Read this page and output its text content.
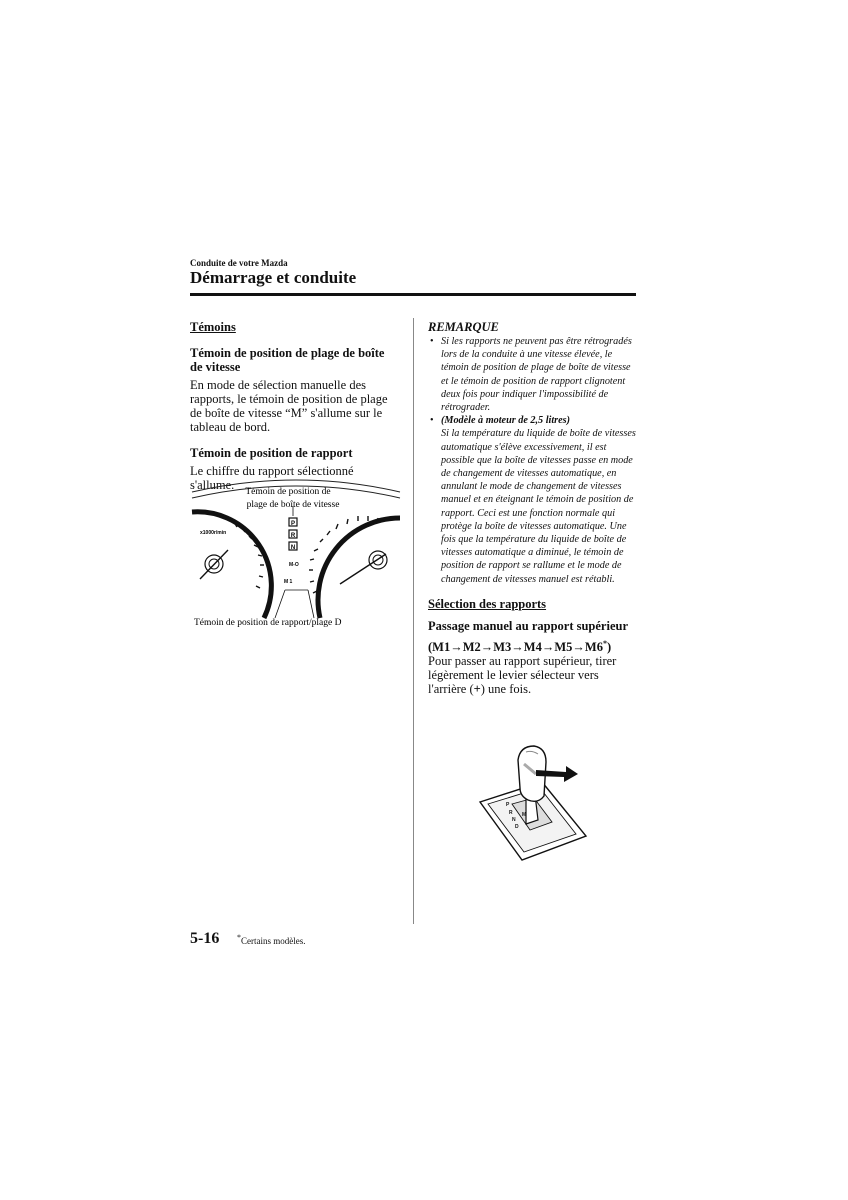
Conduite de votre Mazda
Démarrage et conduite

Témoins

Témoin de position de plage de boîte de vitesse

En mode de sélection manuelle des rapports, le témoin de position de plage de boîte de vitesse “M” s'allume sur le tableau de bord.

Témoin de position de rapport

Le chiffre du rapport sélectionné s'allume.

x1000r/min
P
R
N
M-O
M 1
Témoin de position de
plage de boîte de vitesse
Témoin de position de rapport/plage D

REMARQUE

• Si les rapports ne peuvent pas être rétrogradés lors de la conduite à une vitesse élevée, le témoin de position de plage de boîte de vitesse et le témoin de position de rapport clignotent deux fois pour indiquer l'impossibilité de rétrograder.
• (Modèle à moteur de 2,5 litres)
Si la température du liquide de boîte de vitesses automatique s'élève excessivement, il est possible que la boîte de vitesses passe en mode de changement de vitesses automatique, en annulant le mode de changement de vitesses manuel et en éteignant le témoin de position de rapport. Ceci est une fonction normale qui protège la boîte de vitesses automatique. Une fois que la température du liquide de boîte de vitesses automatique a diminué, le témoin de position de rapport se rallume et le mode de changement de vitesses manuel est rétabli.

Sélection des rapports

Passage manuel au rapport supérieur

(M1→M2→M3→M4→M5→M6*)

Pour passer au rapport supérieur, tirer légèrement le levier sélecteur vers l'arrière (+) une fois.

P
R
N
D
M
5-16 *Certains modèles.
